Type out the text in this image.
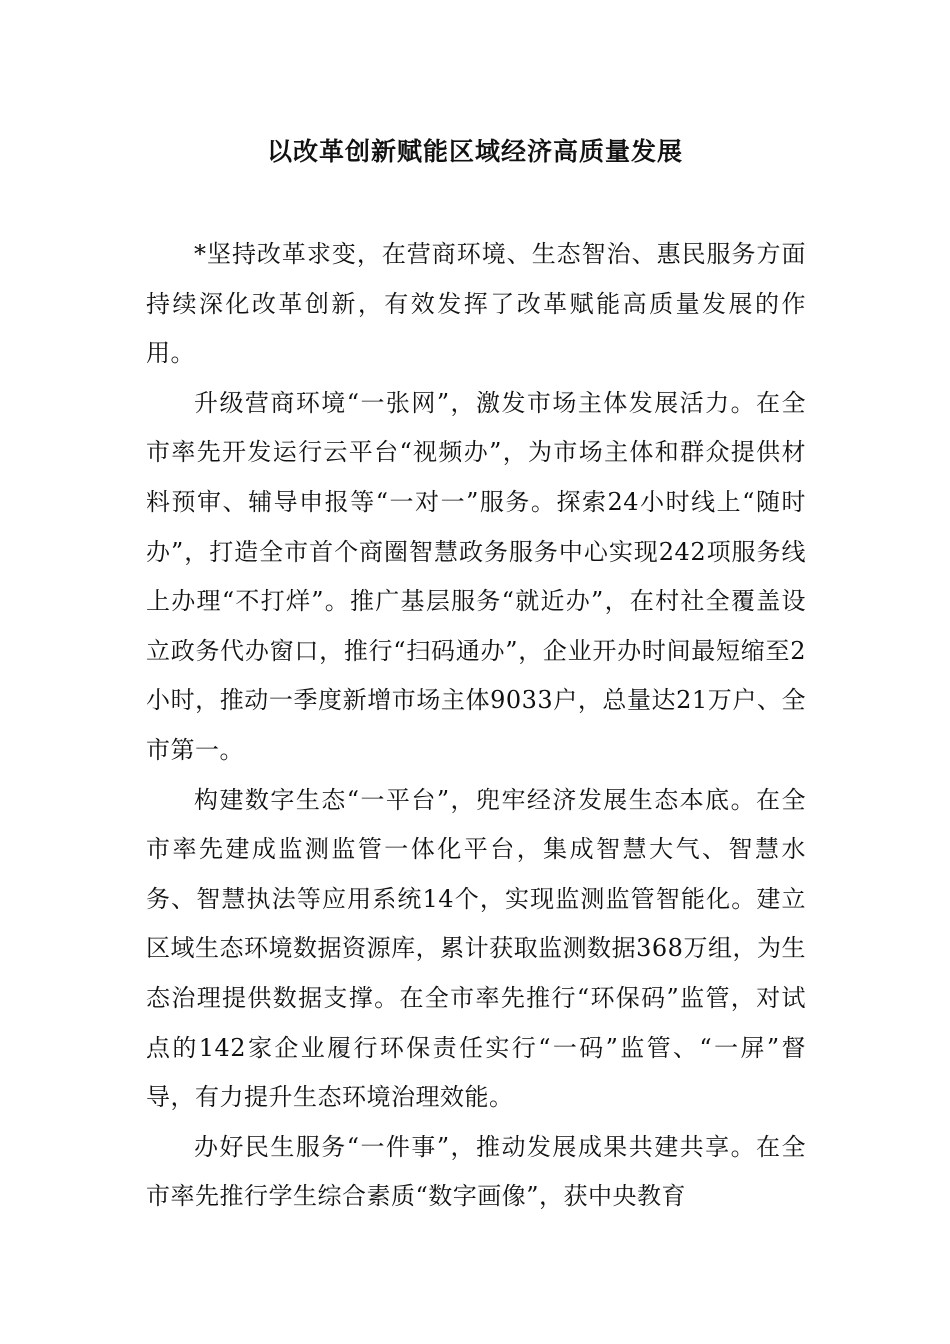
以改革创新赋能区域经济高质量发展

*坚持改革求变，在营商环境、生态智治、惠民服务方面持续深化改革创新，有效发挥了改革赋能高质量发展的作用。

升级营商环境“一张网”，激发市场主体发展活力。在全市率先开发运行云平台“视频办”，为市场主体和群众提供材料预审、辅导申报等“一对一”服务。探索24小时线上“随时办”，打造全市首个商圈智慧政务服务中心实现242项服务线上办理“不打烊”。推广基层服务“就近办”，在村社全覆盖设立政务代办窗口，推行“扫码通办”，企业开办时间最短缩至2小时，推动一季度新增市场主体9033户，总量达21万户、全市第一。

构建数字生态“一平台”，兜牢经济发展生态本底。在全市率先建成监测监管一体化平台，集成智慧大气、智慧水务、智慧执法等应用系统14个，实现监测监管智能化。建立区域生态环境数据资源库，累计获取监测数据368万组，为生态治理提供数据支撑。在全市率先推行“环保码”监管，对试点的142家企业履行环保责任实行“一码”监管、“一屏”督导，有力提升生态环境治理效能。

办好民生服务“一件事”，推动发展成果共建共享。在全市率先推行学生综合素质“数字画像”，获中央教育
